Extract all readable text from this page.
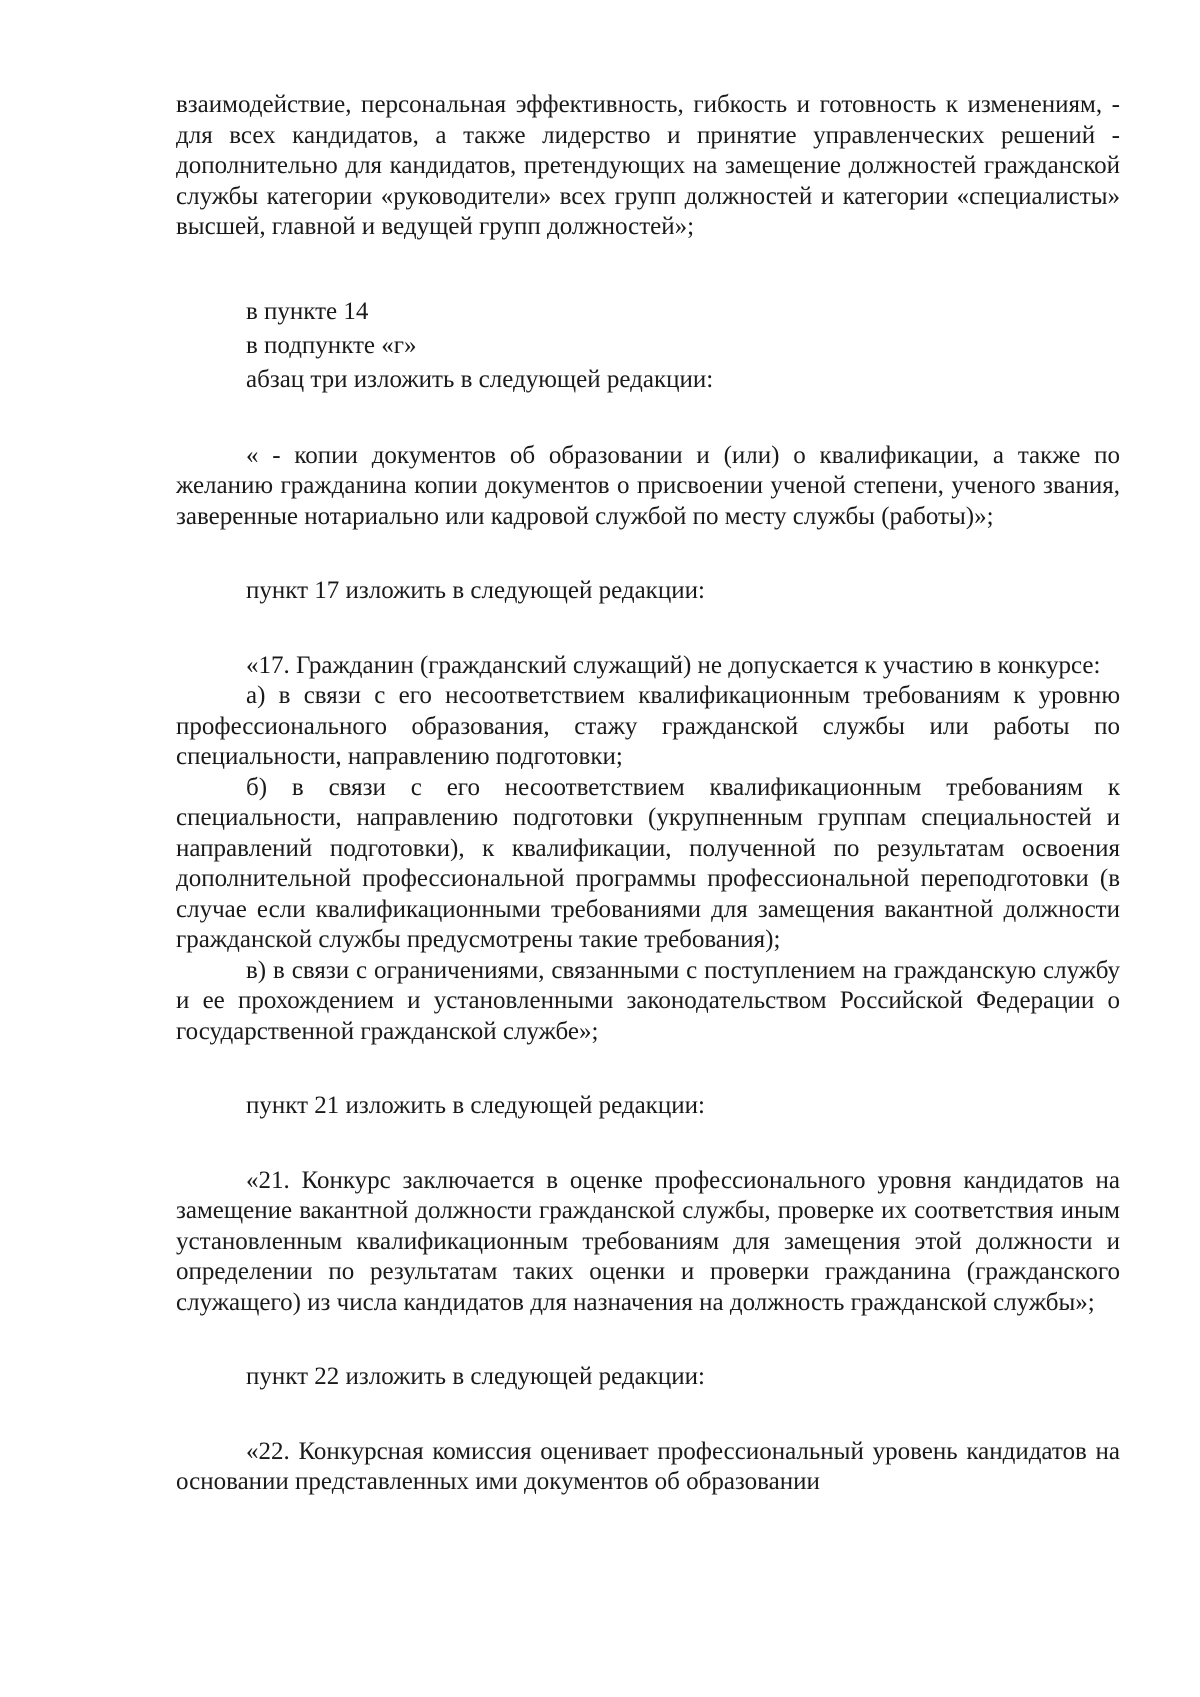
взаимодействие, персональная эффективность, гибкость и готовность к изменениям, - для всех кандидатов, а также лидерство и принятие управленческих решений - дополнительно для кандидатов, претендующих на замещение должностей гражданской службы категории «руководители» всех групп должностей и категории «специалисты» высшей, главной и ведущей групп должностей»;

в пункте 14
в подпункте «г»
абзац три изложить в следующей редакции:

« - копии документов об образовании и (или) о квалификации, а также по желанию гражданина копии документов о присвоении ученой степени, ученого звания, заверенные нотариально или кадровой службой по месту службы (работы)»;

пункт 17 изложить в следующей редакции:

«17. Гражданин (гражданский служащий) не допускается к участию в конкурсе:

а) в связи с его несоответствием квалификационным требованиям к уровню профессионального образования, стажу гражданской службы или работы по специальности, направлению подготовки;

б) в связи с его несоответствием квалификационным требованиям к специальности, направлению подготовки (укрупненным группам специальностей и направлений подготовки), к квалификации, полученной по результатам освоения дополнительной профессиональной программы профессиональной переподготовки (в случае если квалификационными требованиями для замещения вакантной должности гражданской службы предусмотрены такие требования);

в) в связи с ограничениями, связанными с поступлением на гражданскую службу и ее прохождением и установленными законодательством Российской Федерации о государственной гражданской службе»;

пункт 21 изложить в следующей редакции:

«21. Конкурс заключается в оценке профессионального уровня кандидатов на замещение вакантной должности гражданской службы, проверке их соответствия иным установленным квалификационным требованиям для замещения этой должности и определении по результатам таких оценки и проверки гражданина (гражданского служащего) из числа кандидатов для назначения на должность гражданской службы»;

пункт 22 изложить в следующей редакции:

«22. Конкурсная комиссия оценивает профессиональный уровень кандидатов на основании представленных ими документов об образовании
